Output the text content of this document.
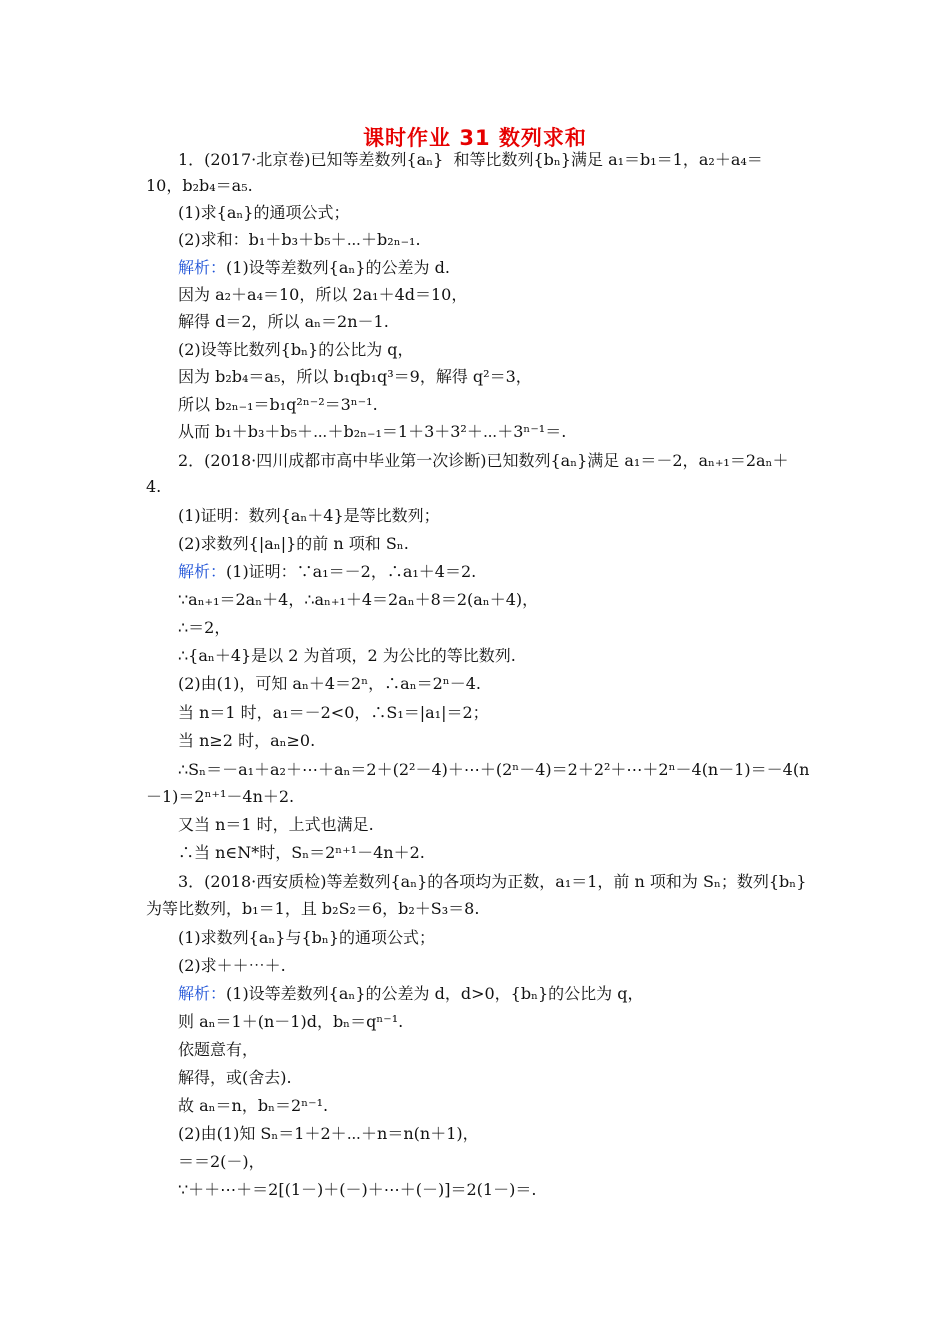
课时作业 31 数列求和
1．(2017·北京卷)已知等差数列{aₙ}  和等比数列{bₙ}满足 a₁＝b₁＝1，a₂＋a₄＝
10，b₂b₄＝a₅.
(1)求{aₙ}的通项公式；
(2)求和：b₁＋b₃＋b₅＋⋯＋b₂ₙ₋₁.
解析：(1)设等差数列{aₙ}的公差为 d.
因为 a₂＋a₄＝10，所以 2a₁＋4d＝10，
解得 d＝2，所以 aₙ＝2n－1.
(2)设等比数列{bₙ}的公比为 q，
因为 b₂b₄＝a₅，所以 b₁qb₁q³＝9，解得 q²＝3，
所以 b₂ₙ₋₁＝b₁q²ⁿ⁻²＝3ⁿ⁻¹.
从而 b₁＋b₃＋b₅＋⋯＋b₂ₙ₋₁＝1＋3＋3²＋⋯＋3ⁿ⁻¹＝.
2．(2018·四川成都市高中毕业第一次诊断)已知数列{aₙ}满足 a₁＝－2，aₙ₊₁＝2aₙ＋
4.
(1)证明：数列{aₙ＋4}是等比数列；
(2)求数列{|aₙ|}的前 n 项和 Sₙ.
解析：(1)证明：∵a₁＝－2，∴a₁＋4＝2.
∵aₙ₊₁＝2aₙ＋4，∴aₙ₊₁＋4＝2aₙ＋8＝2(aₙ＋4)，
∴＝2，
∴{aₙ＋4}是以 2 为首项，2 为公比的等比数列.
(2)由(1)，可知 aₙ＋4＝2ⁿ，∴aₙ＝2ⁿ－4.
当 n＝1 时，a₁＝－2<0，∴S₁＝|a₁|＝2；
当 n≥2 时，aₙ≥0.
∴Sₙ＝－a₁＋a₂＋⋯＋aₙ＝2＋(2²－4)＋⋯＋(2ⁿ－4)＝2＋2²＋⋯＋2ⁿ－4(n－1)＝－4(n
－1)＝2ⁿ⁺¹－4n＋2.
又当 n＝1 时，上式也满足.
∴当 n∈N*时，Sₙ＝2ⁿ⁺¹－4n＋2.
3．(2018·西安质检)等差数列{aₙ}的各项均为正数，a₁＝1，前 n 项和为 Sₙ；数列{bₙ}
为等比数列，b₁＝1，且 b₂S₂＝6，b₂＋S₃＝8.
(1)求数列{aₙ}与{bₙ}的通项公式；
(2)求＋＋⋯＋.
解析：(1)设等差数列{aₙ}的公差为 d，d>0，{bₙ}的公比为 q，
则 aₙ＝1＋(n－1)d，bₙ＝qⁿ⁻¹.
依题意有，
解得，或(舍去).
故 aₙ＝n，bₙ＝2ⁿ⁻¹.
(2)由(1)知 Sₙ＝1＋2＋⋯＋n＝n(n＋1)，
＝＝2(－)，
∵＋＋⋯＋＝2[(1－)＋(－)＋⋯＋(－)]＝2(1－)＝.
